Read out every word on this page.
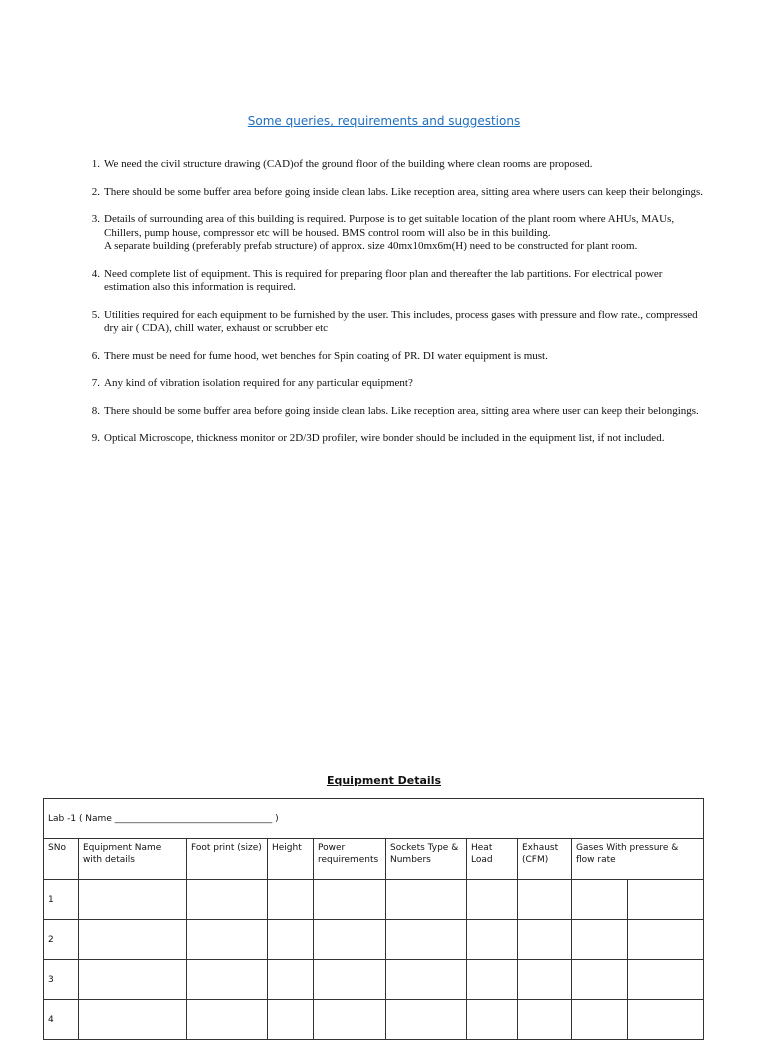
Some queries, requirements and suggestions
1. We need the civil structure drawing (CAD)of the ground floor of the building where clean rooms are proposed.
2. There should be some buffer area before going inside clean labs. Like reception area, sitting area where users can keep their belongings.
3. Details of surrounding area of this building is required. Purpose is to get suitable location of the plant room where AHUs, MAUs, Chillers, pump house, compressor etc will be housed. BMS control room will also be in this building.
A separate building (preferably prefab structure) of approx. size 40mx10mx6m(H) need to be constructed for plant room.
4. Need complete list of equipment. This is required for preparing floor plan and thereafter the lab partitions. For electrical power estimation also this information is required.
5. Utilities required for each equipment to be furnished by the user. This includes, process gases with pressure and flow rate., compressed dry air ( CDA), chill water, exhaust or scrubber etc
6. There must be need for fume hood, wet benches for Spin coating of PR. DI water equipment is must.
7. Any kind of vibration isolation required for any particular equipment?
8. There should be some buffer area before going inside clean labs. Like reception area, sitting area where user can keep their belongings.
9. Optical Microscope, thickness monitor or 2D/3D profiler, wire bonder should be included in the equipment list, if not included.
Equipment Details
Lab -1 ( Name ___________________________________ )									
SNo	Equipment Name with details	Foot print (size)	Height	Power requirements	Sockets Type & Numbers	Heat Load	Exhaust (CFM)	Gases With pressure & flow rate	
1									
2									
3									
4									
